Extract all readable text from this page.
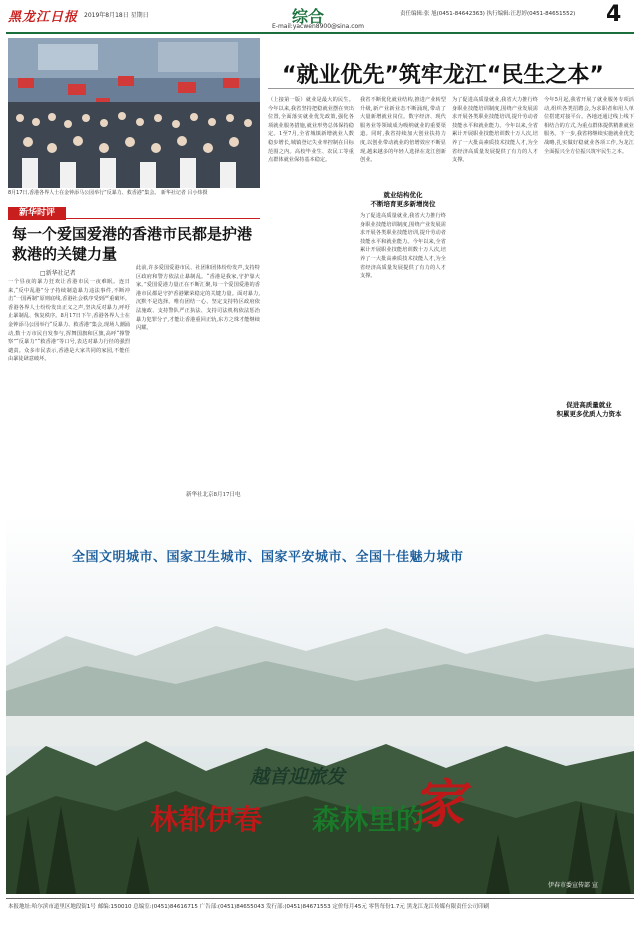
黑龙江日报 2019年8月18日 星期日	综合
E-mail:yacwen8900@sina.com
责任编辑:张 旭(0451-84642363) 执行编辑:汪思婷(0451-84651552) 4
8月17日,香港各界人士在金钟添马公园举行“反暴力、救香港”集会。 新华社记者 吕小炜摄
新华时评
每一个爱国爱港的香港市民都是护港救港的关键力量
□新华社记者
一个昼夜的暴力狂欢让香港市民一夜难眠。连日来,“反中乱港”分子持续制造暴力违法事件,不断冲击“一国两制”原则底线,香港社会秩序受到严重破坏。香港各界人士纷纷发出正义之声,坚决反对暴力,呼吁止暴制乱、恢复秩序。8月17日下午,香港各界人士在金钟添马公园举行“反暴力、救香港”集会,现场人潮涌动,数十万市民自发参与,挥舞国旗和区旗,高呼“撑警察”“反暴力”“救香港”等口号,表达对暴力行径的强烈谴责。众多市民表示,香港是大家共同的家园,不能任由暴徒肆意破坏。
此前,许多爱国爱港市民、社团和团体纷纷发声,支持特区政府和警方依法止暴制乱。“香港是我家,守护靠大家。”爱国爱港力量正在不断汇聚,每一个爱国爱港的香港市民都是守护香港繁荣稳定的关键力量。面对暴力,沉默不是选择。唯有团结一心、坚定支持特区政府依法施政、支持警队严正执法、支持司法机构依法惩治暴力犯罪分子,才能让香港重回正轨,东方之珠才能继续闪耀。
新华社北京8月17日电
“就业优先”筑牢龙江“民生之本”
（上接第一版）就业是最大的民生。今年以来,我省坚持把稳就业摆在突出位置,全面落实就业优先政策,强化各项就业服务措施,就业形势总体保持稳定。1至7月,全省城镇新增就业人数稳步增长,城镇登记失业率控制在目标范围之内。高校毕业生、农民工等重点群体就业保持基本稳定。
我省不断优化就业结构,推进产业转型升级,新产业新业态不断涌现,带动了大量新增就业岗位。数字经济、现代服务业等领域成为吸纳就业的重要渠道。同时,我省持续加大创业扶持力度,以创业带动就业的倍增效应不断显现,越来越多的年轻人选择在龙江创新创业。
就业结构优化
不断培育更多新增岗位
为了促进高质量就业,我省大力推行终身职业技能培训制度,围绕产业发展需求开展各类职业技能培训,提升劳动者技能水平和就业能力。今年以来,全省累计开展职业技能培训数十万人次,培养了一大批高素质技术技能人才,为全省经济高质量发展提供了有力的人才支撑。
为了促进高质量就业,我省大力推行终身职业技能培训制度,围绕产业发展需求开展各类职业技能培训,提升劳动者技能水平和就业能力。今年以来,全省累计开展职业技能培训数十万人次,培养了一大批高素质技术技能人才,为全省经济高质量发展提供了有力的人才支撑。
今年5月起,我省开展了就业服务专项活动,组织各类招聘会,为求职者和用人单位搭建对接平台。各地还通过线上线下相结合的方式,为重点群体提供精准就业服务。下一步,我省将继续实施就业优先战略,扎实做好稳就业各项工作,为龙江全面振兴全方位振兴筑牢民生之本。
促进高质量就业
积累更多优质人力资本
全国文明城市、国家卫生城市、国家平安城市、全国十佳魅力城市
越首迎旅发 家
林都伊春 森林里的
伊春市委宣传部 宣
本报地址:哈尔滨市道里区地段街1号 邮编:150010 总编室:(0451)84616715 广告部:(0451)84655043 发行部:(0451)84671553 定价每月45元 零售每份1.7元 黑龙江龙江传媒有限责任公司印刷
